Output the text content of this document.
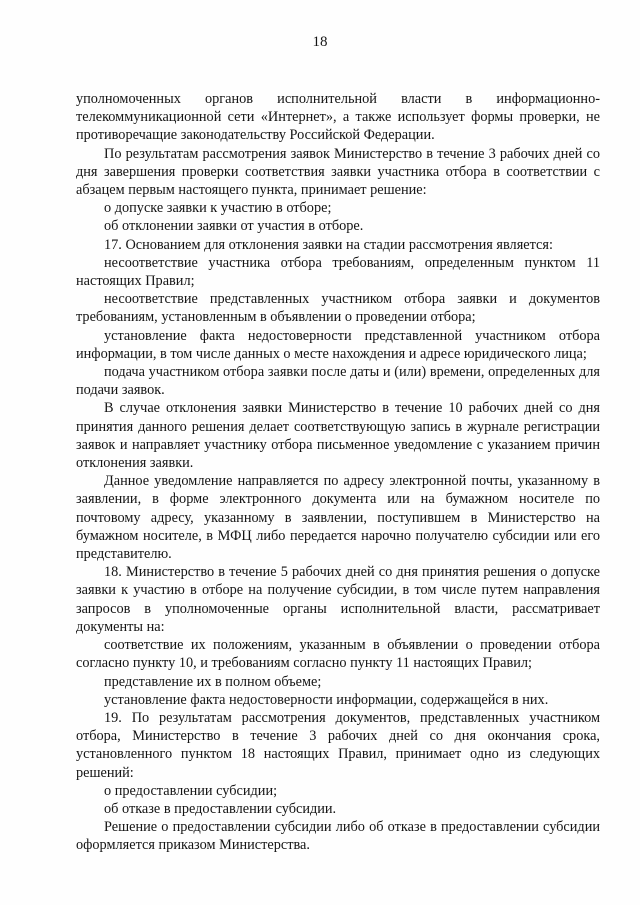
18

уполномоченных органов исполнительной власти в информационно-телекоммуникационной сети «Интернет», а также использует формы проверки, не противоречащие законодательству Российской Федерации.

По результатам рассмотрения заявок Министерство в течение 3 рабочих дней со дня завершения проверки соответствия заявки участника отбора в соответствии с абзацем первым настоящего пункта, принимает решение:

о допуске заявки к участию в отборе;

об отклонении заявки от участия в отборе.

17. Основанием для отклонения заявки на стадии рассмотрения является:

несоответствие участника отбора требованиям, определенным пунктом 11 настоящих Правил;

несоответствие представленных участником отбора заявки и документов требованиям, установленным в объявлении о проведении отбора;

установление факта недостоверности представленной участником отбора информации, в том числе данных о месте нахождения и адресе юридического лица;

подача участником отбора заявки после даты и (или) времени, определенных для подачи заявок.

В случае отклонения заявки Министерство в течение 10 рабочих дней со дня принятия данного решения делает соответствующую запись в журнале регистрации заявок и направляет участнику отбора письменное уведомление с указанием причин отклонения заявки.

Данное уведомление направляется по адресу электронной почты, указанному в заявлении, в форме электронного документа или на бумажном носителе по почтовому адресу, указанному в заявлении, поступившем в Министерство на бумажном носителе, в МФЦ либо передается нарочно получателю субсидии или его представителю.

18. Министерство в течение 5 рабочих дней со дня принятия решения о допуске заявки к участию в отборе на получение субсидии, в том числе путем направления запросов в уполномоченные органы исполнительной власти, рассматривает документы на:

соответствие их положениям, указанным в объявлении о проведении отбора согласно пункту 10, и требованиям согласно пункту 11 настоящих Правил;

представление их в полном объеме;

установление факта недостоверности информации, содержащейся в них.

19. По результатам рассмотрения документов, представленных участником отбора, Министерство в течение 3 рабочих дней со дня окончания срока, установленного пунктом 18 настоящих Правил, принимает одно из следующих решений:

о предоставлении субсидии;

об отказе в предоставлении субсидии.

Решение о предоставлении субсидии либо об отказе в предоставлении субсидии оформляется приказом Министерства.
